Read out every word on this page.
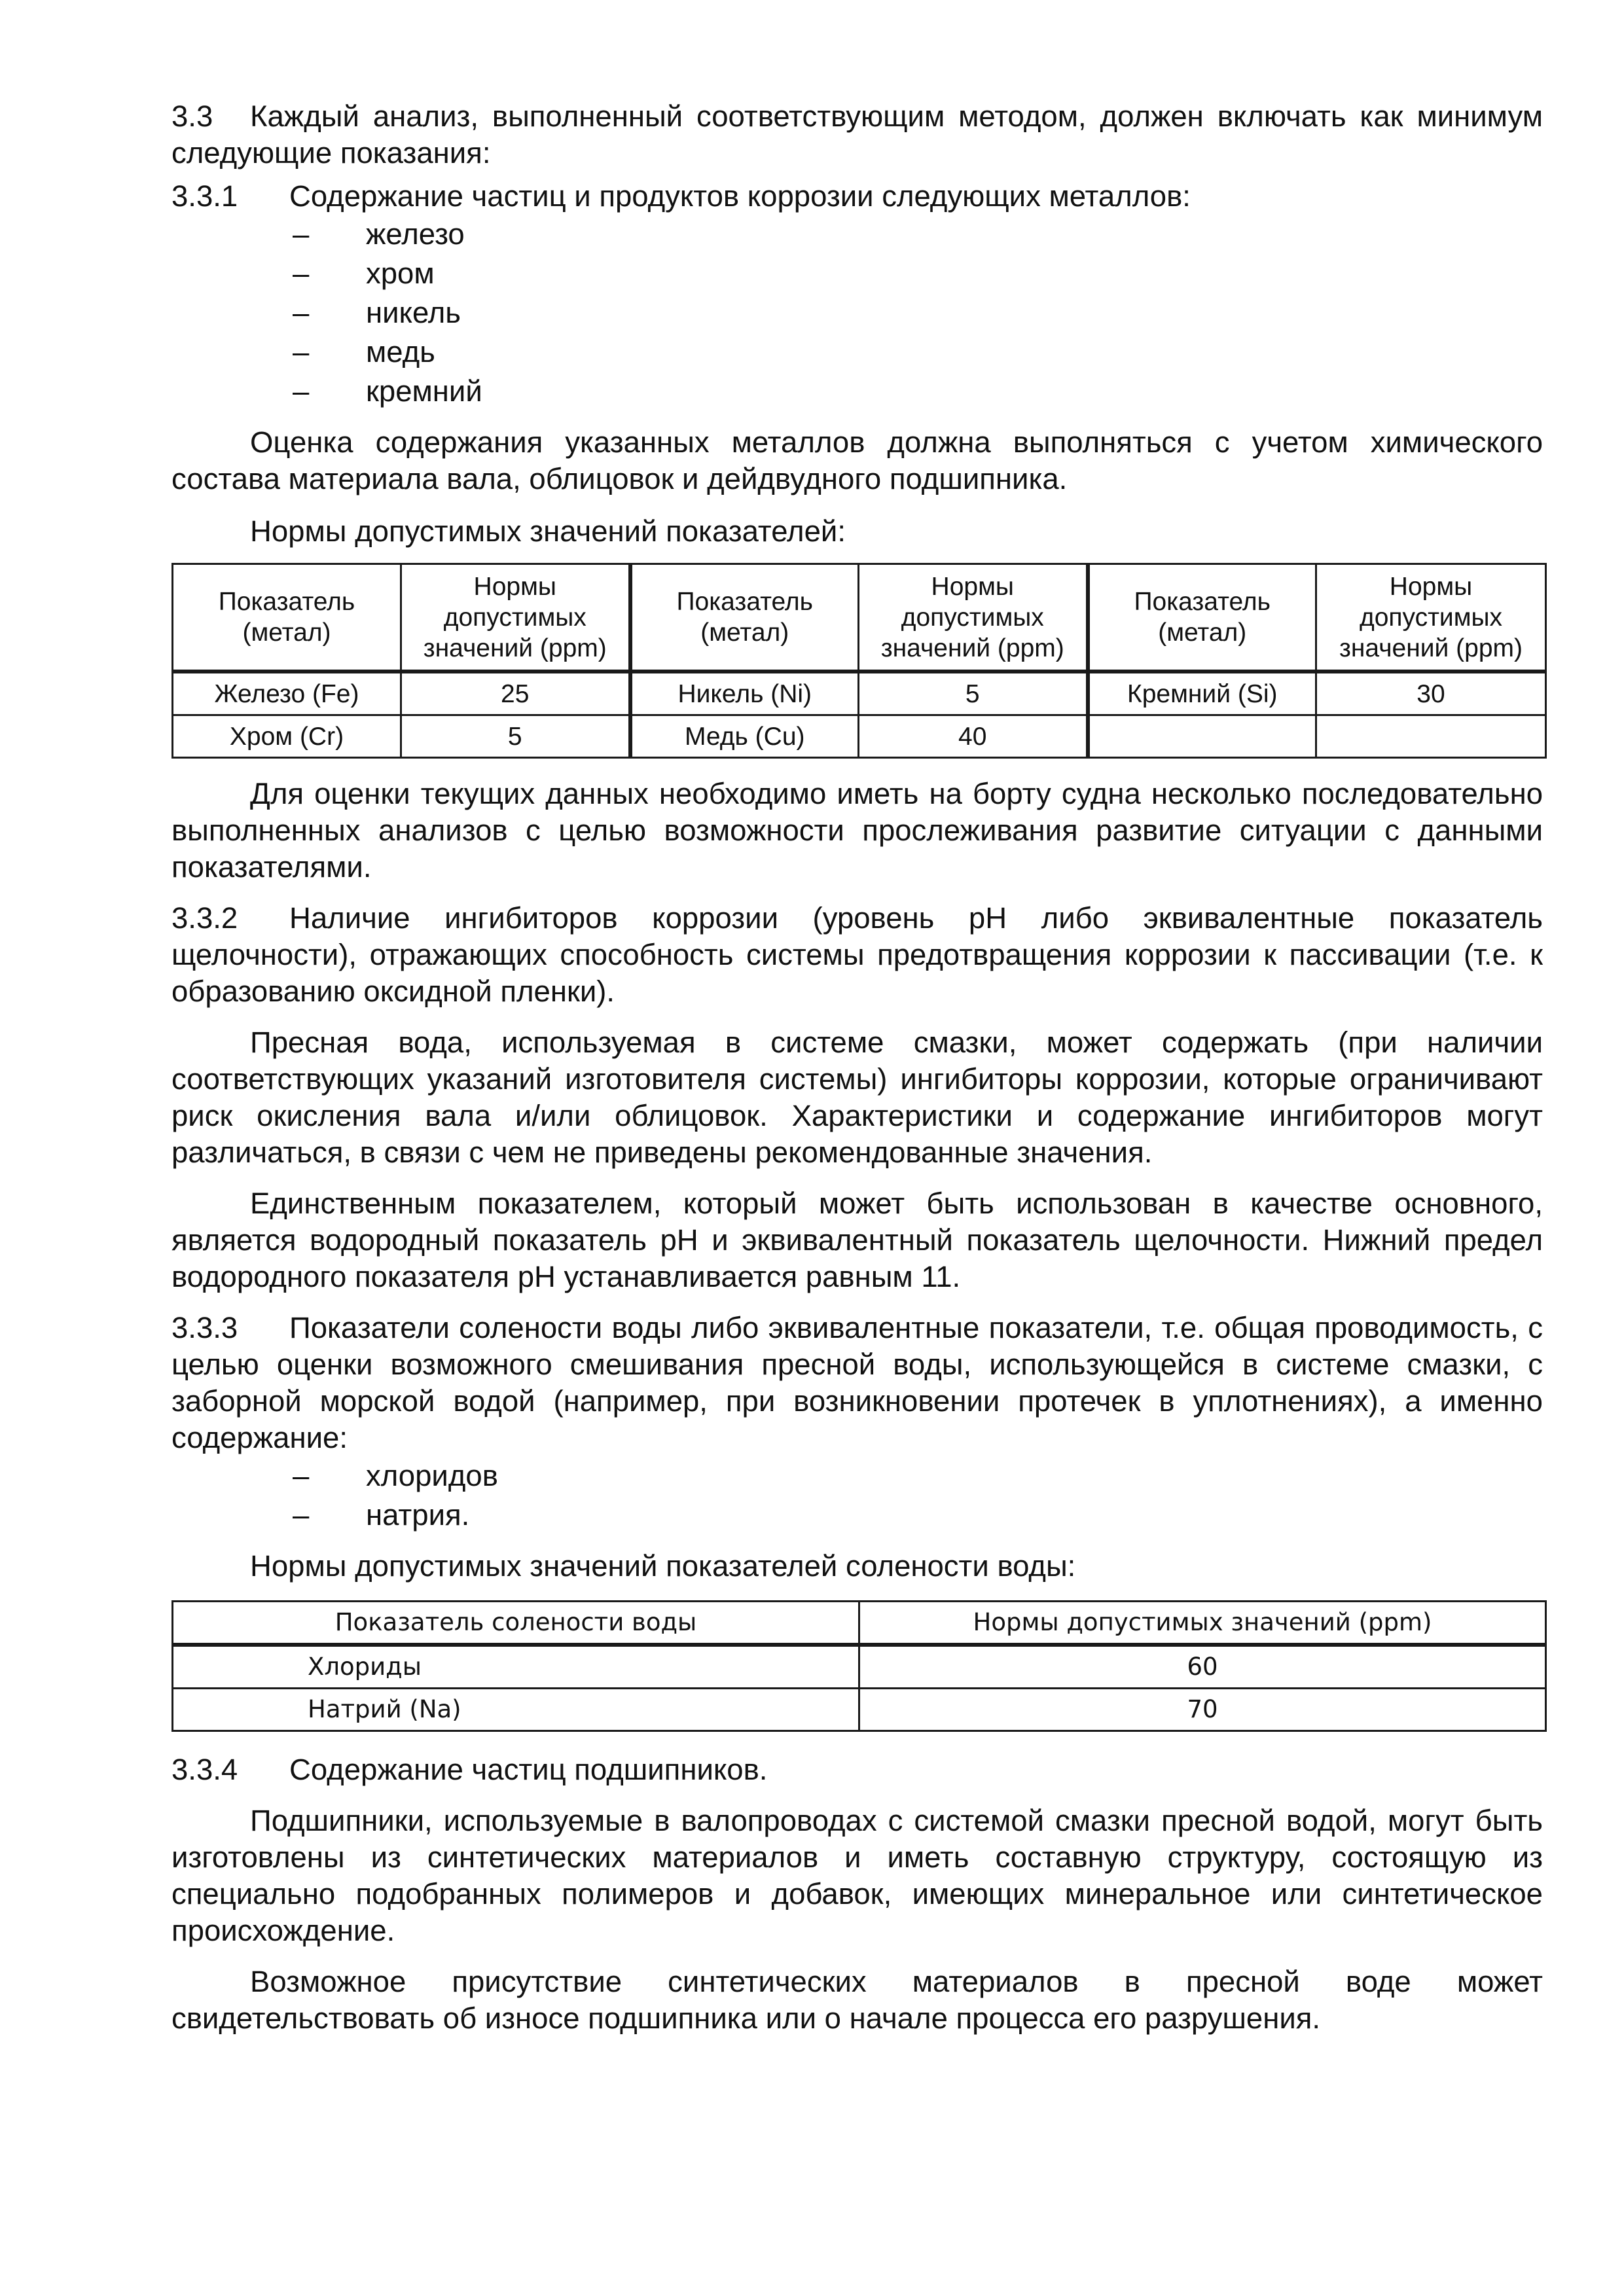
3.3 Каждый анализ, выполненный соответствующим методом, должен включать как минимум следующие показания:

3.3.1 Содержание частиц и продуктов коррозии следующих металлов:

– железо
– хром
– никель
– медь
– кремний

Оценка содержания указанных металлов должна выполняться с учетом химического состава материала вала, облицовок и дейдвудного подшипника.

Нормы допустимых значений показателей:

Показатель (метал)	Нормы допустимых значений (ppm)	Показатель (метал)	Нормы допустимых значений (ppm)	Показатель (метал)	Нормы допустимых значений (ppm)
Железо (Fe)	25	Никель (Ni)	5	Кремний (Si)	30
Хром (Cr)	5	Медь (Cu)	40		

Для оценки текущих данных необходимо иметь на борту судна несколько последовательно выполненных анализов с целью возможности прослеживания развитие ситуации с данными показателями.

3.3.2 Наличие ингибиторов коррозии (уровень pH либо эквивалентные показатель щелочности), отражающих способность системы предотвращения коррозии к пассивации (т.е. к образованию оксидной пленки).

Пресная вода, используемая в системе смазки, может содержать (при наличии соответствующих указаний изготовителя системы) ингибиторы коррозии, которые ограничивают риск окисления вала и/или облицовок. Характеристики и содержание ингибиторов могут различаться, в связи с чем не приведены рекомендованные значения.

Единственным показателем, который может быть использован в качестве основного, является водородный показатель pH и эквивалентный показатель щелочности. Нижний предел водородного показателя pH устанавливается равным 11.

3.3.3 Показатели солености воды либо эквивалентные показатели, т.е. общая проводимость, с целью оценки возможного смешивания пресной воды, использующейся в системе смазки, с заборной морской водой (например, при возникновении протечек в уплотнениях), а именно содержание:

– хлоридов
– натрия.

Нормы допустимых значений показателей солености воды:

Показатель солености воды	Нормы допустимых значений (ppm)
Хлориды	60
Натрий (Na)	70

3.3.4 Содержание частиц подшипников.

Подшипники, используемые в валопроводах с системой смазки пресной водой, могут быть изготовлены из синтетических материалов и иметь составную структуру, состоящую из специально подобранных полимеров и добавок, имеющих минеральное или синтетическое происхождение.

Возможное присутствие синтетических материалов в пресной воде может свидетельствовать об износе подшипника или о начале процесса его разрушения.
